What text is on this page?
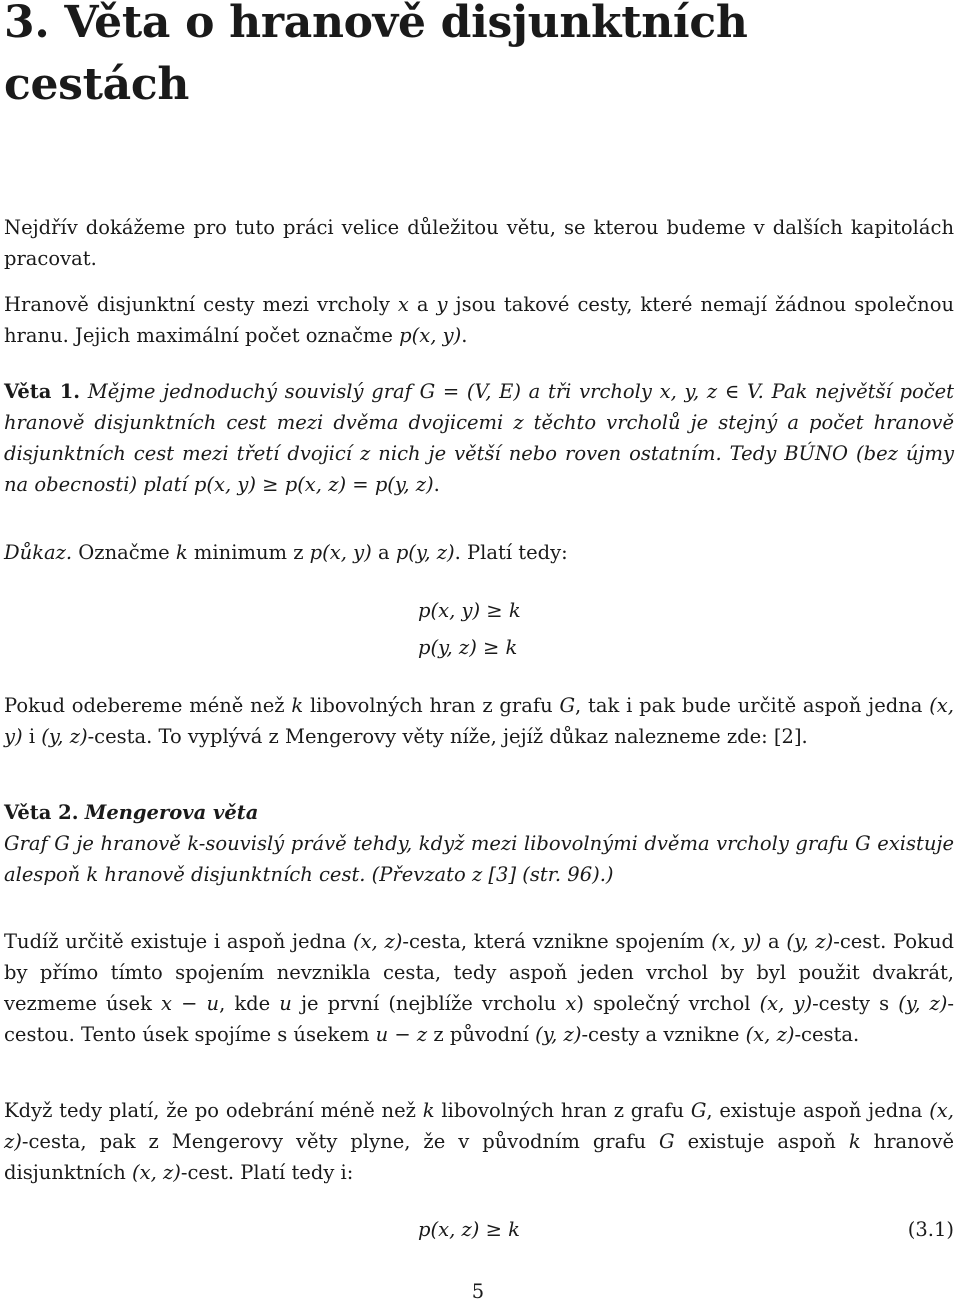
3. Věta o hranově disjunktních
cestách

Nejdřív dokážeme pro tuto práci velice důležitou větu, se kterou budeme v dalších kapitolách pracovat.

Hranově disjunktní cesty mezi vrcholy x a y jsou takové cesty, které nemají žádnou společnou hranu. Jejich maximální počet označme p(x, y).

Věta 1. Mějme jednoduchý souvislý graf G = (V, E) a tři vrcholy x, y, z ∈ V. Pak největší počet hranově disjunktních cest mezi dvěma dvojicemi z těchto vrcholů je stejný a počet hranově disjunktních cest mezi třetí dvojicí z nich je větší nebo roven ostatním. Tedy BÚNO (bez újmy na obecnosti) platí p(x, y) ≥ p(x, z) = p(y, z).

Důkaz. Označme k minimum z p(x, y) a p(y, z). Platí tedy:

p(x, y) ≥ k
p(y, z) ≥ k

Pokud odebereme méně než k libovolných hran z grafu G, tak i pak bude určitě aspoň jedna (x, y) i (y, z)-cesta. To vyplývá z Mengerovy věty níže, jejíž důkaz nalezneme zde: [2].

Věta 2. Mengerova věta

Graf G je hranově k-souvislý právě tehdy, když mezi libovolnými dvěma vrcholy grafu G existuje alespoň k hranově disjunktních cest. (Převzato z [3] (str. 96).)

Tudíž určitě existuje i aspoň jedna (x, z)-cesta, která vznikne spojením (x, y) a (y, z)-cest. Pokud by přímo tímto spojením nevznikla cesta, tedy aspoň jeden vrchol by byl použit dvakrát, vezmeme úsek x − u, kde u je první (nejblíže vrcholu x) společný vrchol (x, y)-cesty s (y, z)-cestou. Tento úsek spojíme s úsekem u − z z původní (y, z)-cesty a vznikne (x, z)-cesta.

Když tedy platí, že po odebrání méně než k libovolných hran z grafu G, existuje aspoň jedna (x, z)-cesta, pak z Mengerovy věty plyne, že v původním grafu G existuje aspoň k hranově disjunktních (x, z)-cest. Platí tedy i:

p(x, z) ≥ k	(3.1)
5
